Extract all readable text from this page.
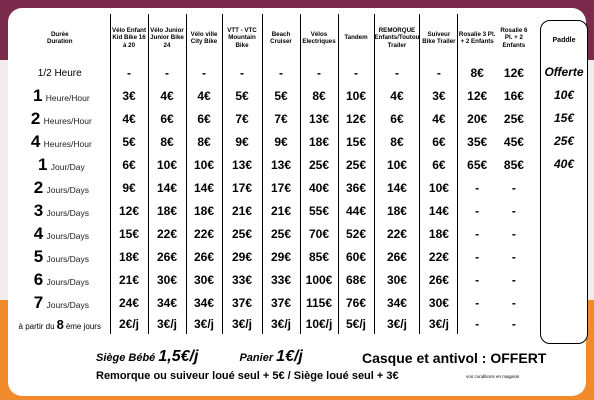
Durée
Duration	Vélo Enfant Kid Bike 16 à 20	Vélo Junior Junior Bike 24	Vélo ville City Bike	VTT - VTC Mountain Bike	Beach Cruiser	Vélos Electriques	Tandem	REMORQUE Enfants/Toutou Trailer	Suiveur Bike Trailer	Rosalie 3 Pl. + 2 Enfants	Rosalie 6 Pl. + 2 Enfants
1/2 Heure	-	-	-	-	-	-	-	-	-	8€	12€
1 Heure/Hour	3€	4€	4€	5€	5€	8€	10€	4€	3€	12€	16€
2 Heures/Hour	4€	6€	6€	7€	7€	13€	12€	6€	4€	20€	25€
4 Heures/Hour	5€	8€	8€	9€	9€	18€	15€	8€	6€	35€	45€
1 Jour/Day	6€	10€	10€	13€	13€	25€	25€	10€	6€	65€	85€
2 Jours/Days	9€	14€	14€	17€	17€	40€	36€	14€	10€	-	-
3 Jours/Days	12€	18€	18€	21€	21€	55€	44€	18€	14€	-	-
4 Jours/Days	15€	22€	22€	25€	25€	70€	52€	22€	18€	-	-
5 Jours/Days	18€	26€	26€	29€	29€	85€	60€	26€	22€	-	-
6 Jours/Days	21€	30€	30€	33€	33€	100€	68€	30€	26€	-	-
7 Jours/Days	24€	34€	34€	37€	37€	115€	76€	34€	30€	-	-
à partir du 8 ème jours	2€/j	3€/j	3€/j	3€/j	3€/j	10€/j	5€/j	3€/j	3€/j	-	-
Paddle
Offerte
10€
15€
25€
40€
Siège Bébé 1,5€/j	Panier 1€/j	Casque et antivol : OFFERT
Remorque ou suiveur loué seul + 5€ / Siège loué seul + 3€	voir conditions en magasin
